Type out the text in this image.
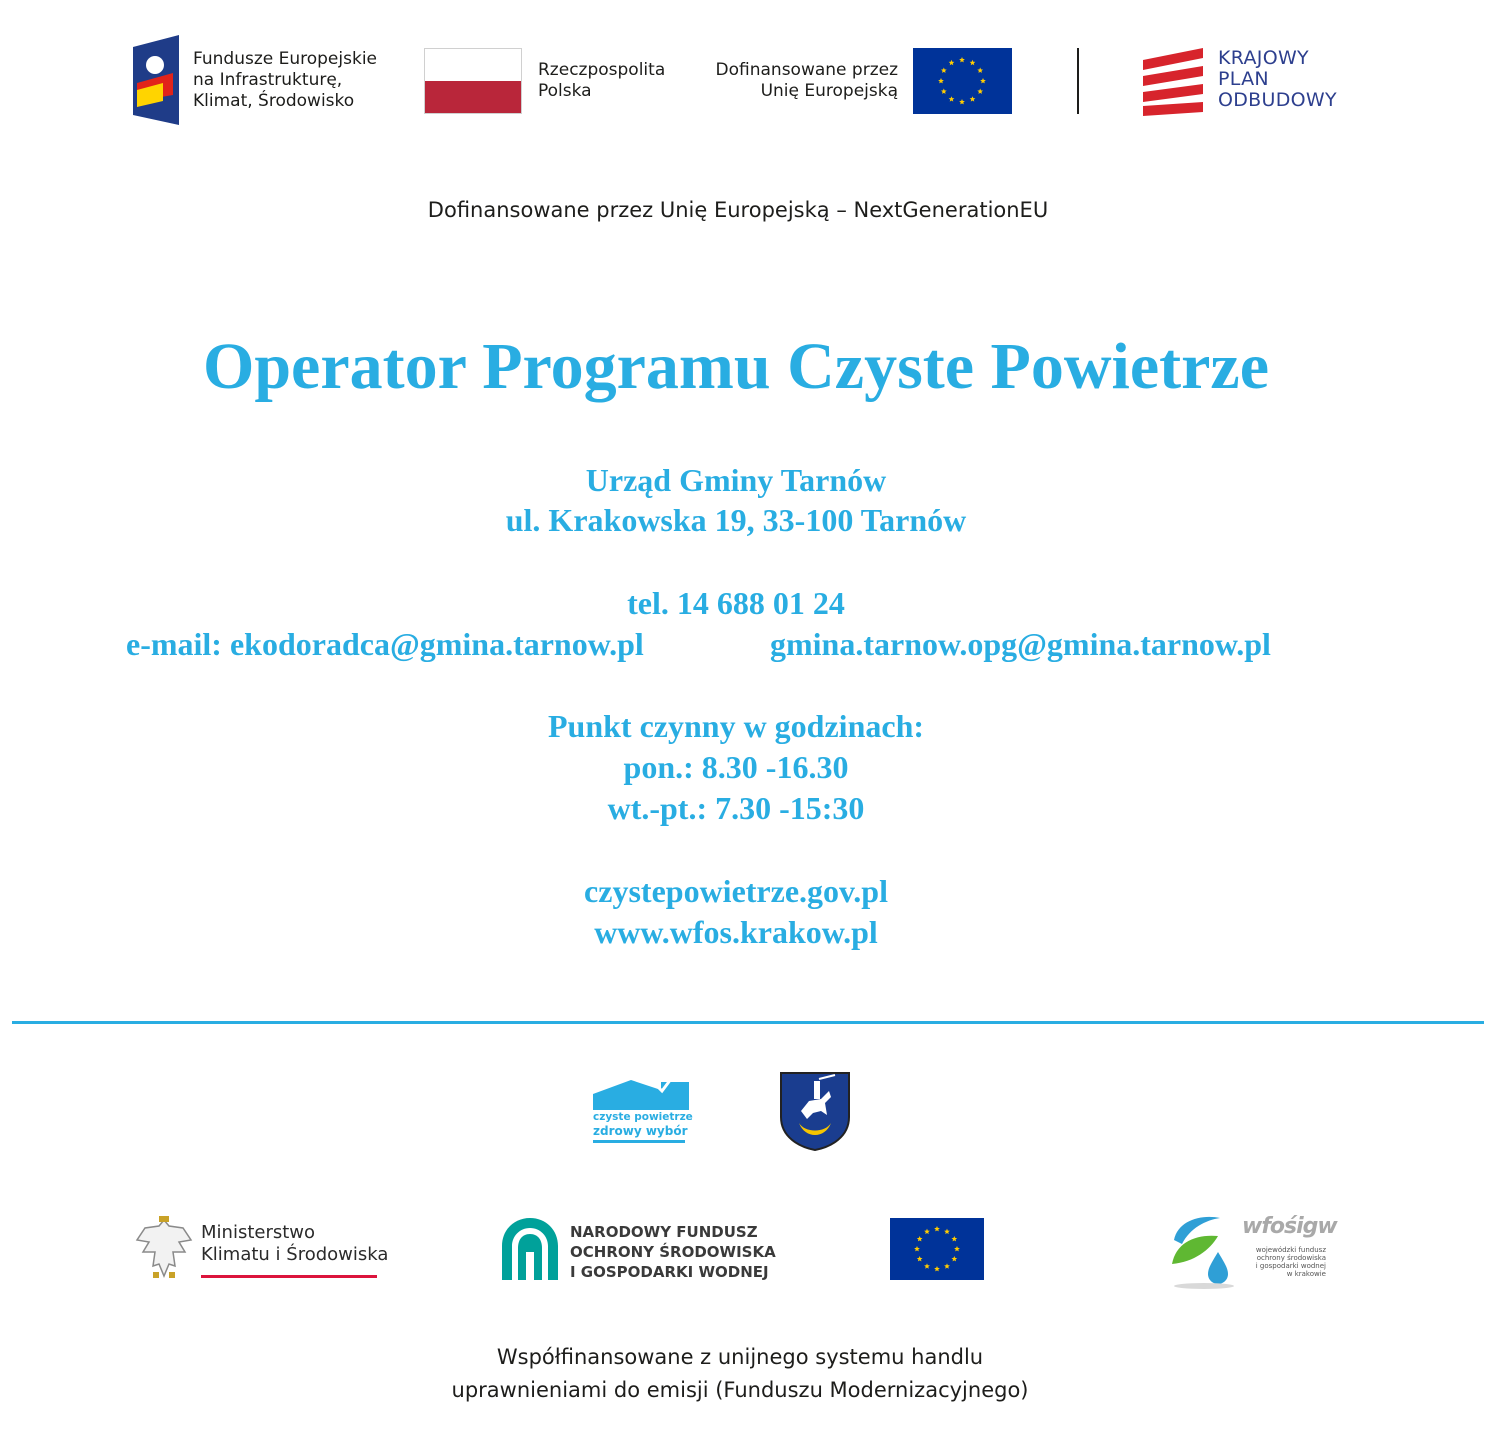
Fundusze Europejskie
na Infrastrukturę,
Klimat, Środowisko
Rzeczpospolita
Polska
Dofinansowane przez
Unię Europejską
KRAJOWY
PLAN
ODBUDOWY
Dofinansowane przez Unię Europejską – NextGenerationEU
Operator Programu Czyste Powietrze
Urząd Gminy Tarnów
ul. Krakowska 19, 33-100 Tarnów
tel. 14 688 01 24
e-mail: ekodoradca@gmina.tarnow.pl	gmina.tarnow.opg@gmina.tarnow.pl
Punkt czynny w godzinach:
pon.: 8.30 -16.30
wt.-pt.: 7.30 -15:30
czystepowietrze.gov.pl
www.wfos.krakow.pl
czyste powietrze
zdrowy wybór
Ministerstwo
Klimatu i Środowiska
NARODOWY FUNDUSZ
OCHRONY ŚRODOWISKA
I GOSPODARKI WODNEJ
wfośigw
wojewódzki fundusz
ochrony środowiska
i gospodarki wodnej
w krakowie
Współfinansowane z unijnego systemu handlu
uprawnieniami do emisji (Funduszu Modernizacyjnego)
